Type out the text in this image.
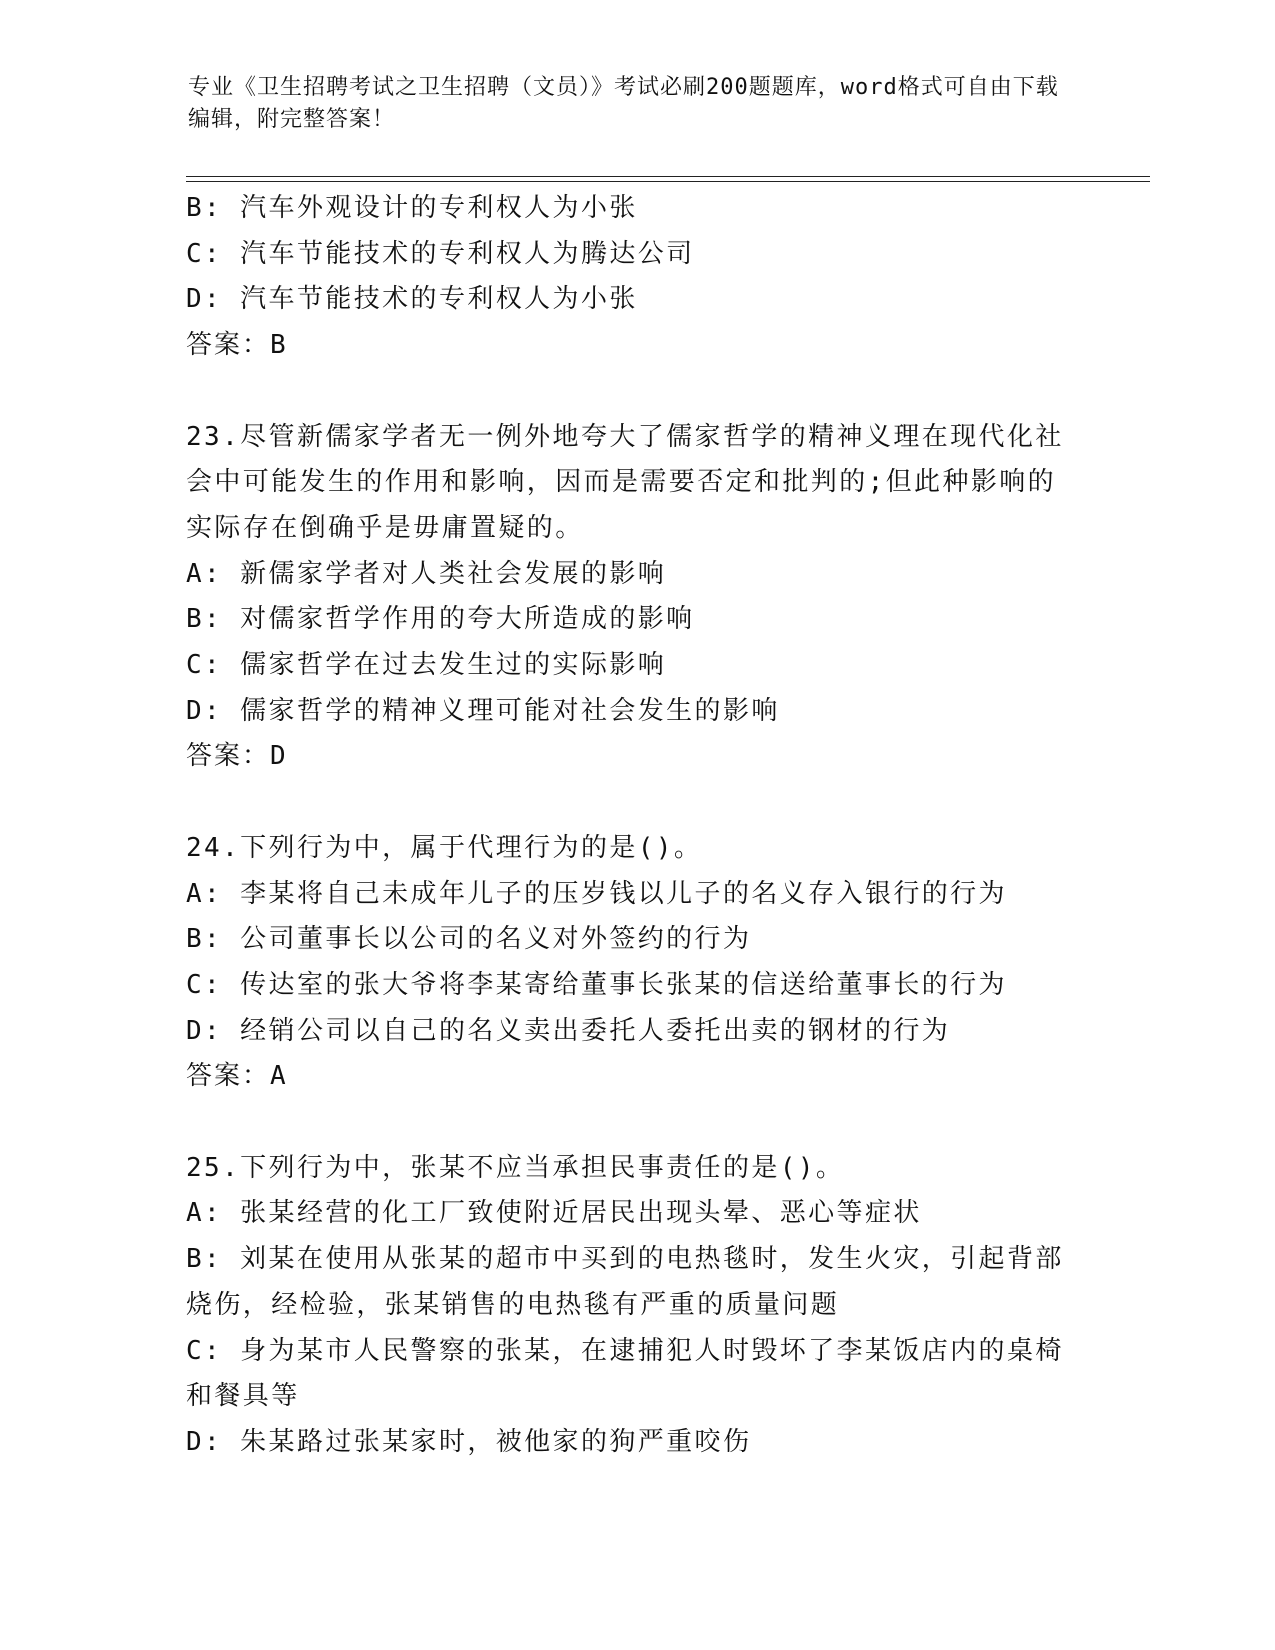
专业《卫生招聘考试之卫生招聘（文员）》考试必刷200题题库，word格式可自由下载编辑，附完整答案！
B: 汽车外观设计的专利权人为小张
C: 汽车节能技术的专利权人为腾达公司
D: 汽车节能技术的专利权人为小张
答案：B
23.尽管新儒家学者无一例外地夸大了儒家哲学的精神义理在现代化社会中可能发生的作用和影响，因而是需要否定和批判的;但此种影响的实际存在倒确乎是毋庸置疑的。
A: 新儒家学者对人类社会发展的影响
B: 对儒家哲学作用的夸大所造成的影响
C: 儒家哲学在过去发生过的实际影响
D: 儒家哲学的精神义理可能对社会发生的影响
答案：D
24.下列行为中，属于代理行为的是()。
A: 李某将自己未成年儿子的压岁钱以儿子的名义存入银行的行为
B: 公司董事长以公司的名义对外签约的行为
C: 传达室的张大爷将李某寄给董事长张某的信送给董事长的行为
D: 经销公司以自己的名义卖出委托人委托出卖的钢材的行为
答案：A
25.下列行为中，张某不应当承担民事责任的是()。
A: 张某经营的化工厂致使附近居民出现头晕、恶心等症状
B: 刘某在使用从张某的超市中买到的电热毯时，发生火灾，引起背部烧伤，经检验，张某销售的电热毯有严重的质量问题
C: 身为某市人民警察的张某，在逮捕犯人时毁坏了李某饭店内的桌椅和餐具等
D: 朱某路过张某家时，被他家的狗严重咬伤
